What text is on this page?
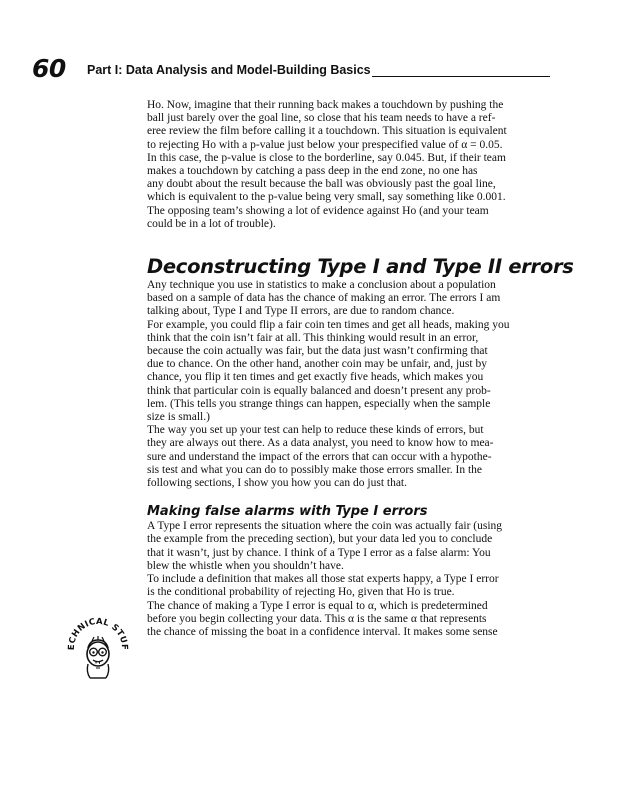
60 Part I: Data Analysis and Model-Building Basics

Ho. Now, imagine that their running back makes a touchdown by pushing the
ball just barely over the goal line, so close that his team needs to have a ref-
eree review the film before calling it a touchdown. This situation is equivalent
to rejecting Ho with a p-value just below your prespecified value of α = 0.05.
In this case, the p-value is close to the borderline, say 0.045. But, if their team
makes a touchdown by catching a pass deep in the end zone, no one has
any doubt about the result because the ball was obviously past the goal line,
which is equivalent to the p-value being very small, say something like 0.001.
The opposing team’s showing a lot of evidence against Ho (and your team
could be in a lot of trouble).

Deconstructing Type I and Type II errors

Any technique you use in statistics to make a conclusion about a population
based on a sample of data has the chance of making an error. The errors I am
talking about, Type I and Type II errors, are due to random chance.

For example, you could flip a fair coin ten times and get all heads, making you
think that the coin isn’t fair at all. This thinking would result in an error,
because the coin actually was fair, but the data just wasn’t confirming that
due to chance. On the other hand, another coin may be unfair, and, just by
chance, you flip it ten times and get exactly five heads, which makes you
think that particular coin is equally balanced and doesn’t present any prob-
lem. (This tells you strange things can happen, especially when the sample
size is small.)

The way you set up your test can help to reduce these kinds of errors, but
they are always out there. As a data analyst, you need to know how to mea-
sure and understand the impact of the errors that can occur with a hypothe-
sis test and what you can do to possibly make those errors smaller. In the
following sections, I show you how you can do just that.

Making false alarms with Type I errors

A Type I error represents the situation where the coin was actually fair (using
the example from the preceding section), but your data led you to conclude
that it wasn’t, just by chance. I think of a Type I error as a false alarm: You
blew the whistle when you shouldn’t have.

To include a definition that makes all those stat experts happy, a Type I error
is the conditional probability of rejecting Ho, given that Ho is true.

The chance of making a Type I error is equal to α, which is predetermined
before you begin collecting your data. This α is the same α that represents
the chance of missing the boat in a confidence interval. It makes some sense

ECHNICAL STUF
